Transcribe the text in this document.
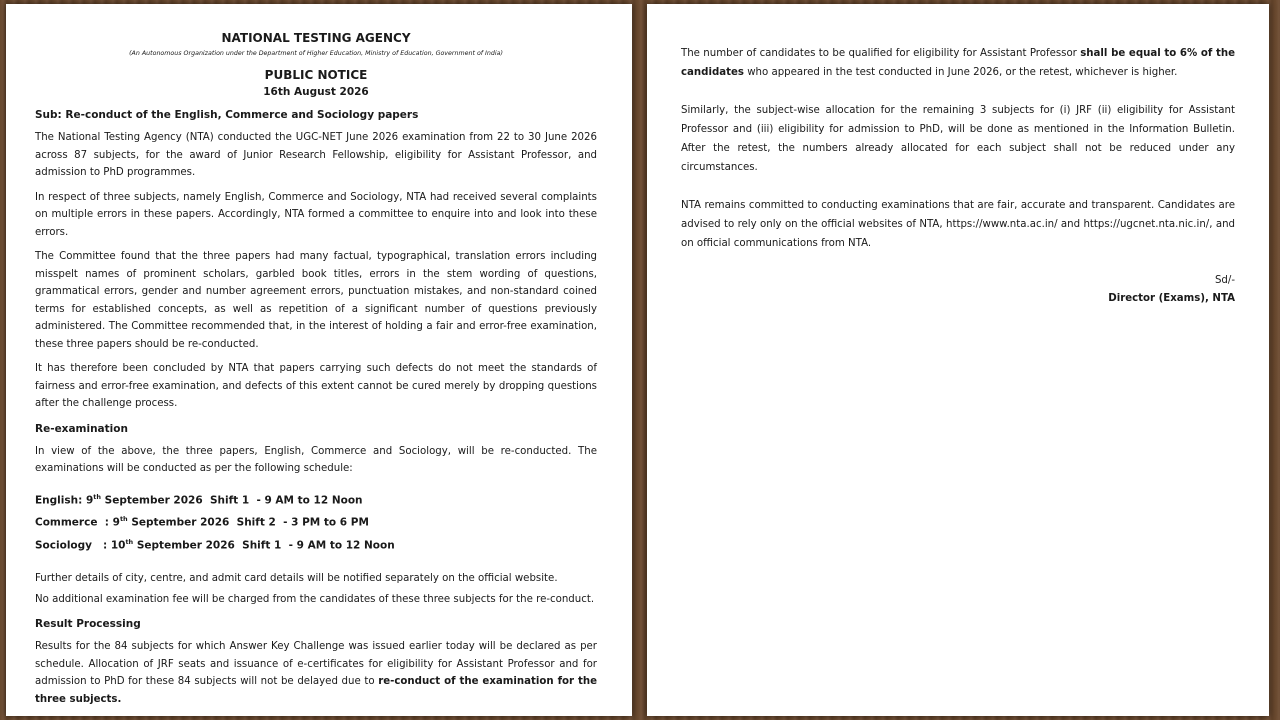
NATIONAL TESTING AGENCY
(An Autonomous Organization under the Department of Higher Education, Ministry of Education, Government of India)
PUBLIC NOTICE
16th August 2026
Sub: Re-conduct of the English, Commerce and Sociology papers

The National Testing Agency (NTA) conducted the UGC-NET June 2026 examination from 22 to 30 June 2026 across 87 subjects, for the award of Junior Research Fellowship, eligibility for Assistant Professor, and admission to PhD programmes.

In respect of three subjects, namely English, Commerce and Sociology, NTA had received several complaints on multiple errors in these papers. Accordingly, NTA formed a committee to enquire into and look into these errors.

The Committee found that the three papers had many factual, typographical, translation errors including misspelt names of prominent scholars, garbled book titles, errors in the stem wording of questions, grammatical errors, gender and number agreement errors, punctuation mistakes, and non-standard coined terms for established concepts, as well as repetition of a significant number of questions previously administered. The Committee recommended that, in the interest of holding a fair and error-free examination, these three papers should be re-conducted.

It has therefore been concluded by NTA that papers carrying such defects do not meet the standards of fairness and error-free examination, and defects of this extent cannot be cured merely by dropping questions after the challenge process.

Re-examination

In view of the above, the three papers, English, Commerce and Sociology, will be re-conducted. The examinations will be conducted as per the following schedule:

English: 9th September 2026  Shift 1  - 9 AM to 12 Noon
Commerce  : 9th September 2026  Shift 2  - 3 PM to 6 PM
Sociology   : 10th September 2026  Shift 1  - 9 AM to 12 Noon

Further details of city, centre, and admit card details will be notified separately on the official website.

No additional examination fee will be charged from the candidates of these three subjects for the re-conduct.

Result Processing

Results for the 84 subjects for which Answer Key Challenge was issued earlier today will be declared as per schedule. Allocation of JRF seats and issuance of e-certificates for eligibility for Assistant Professor and for admission to PhD for these 84 subjects will not be delayed due to re-conduct of the examination for the three subjects.

The number of candidates to be qualified for eligibility for Assistant Professor shall be equal to 6% of the candidates who appeared in the test conducted in June 2026, or the retest, whichever is higher.

Similarly, the subject-wise allocation for the remaining 3 subjects for (i) JRF (ii) eligibility for Assistant Professor and (iii) eligibility for admission to PhD, will be done as mentioned in the Information Bulletin. After the retest, the numbers already allocated for each subject shall not be reduced under any circumstances.

NTA remains committed to conducting examinations that are fair, accurate and transparent. Candidates are advised to rely only on the official websites of NTA, https://www.nta.ac.in/ and https://ugcnet.nta.nic.in/, and on official communications from NTA.

Sd/-
Director (Exams), NTA
